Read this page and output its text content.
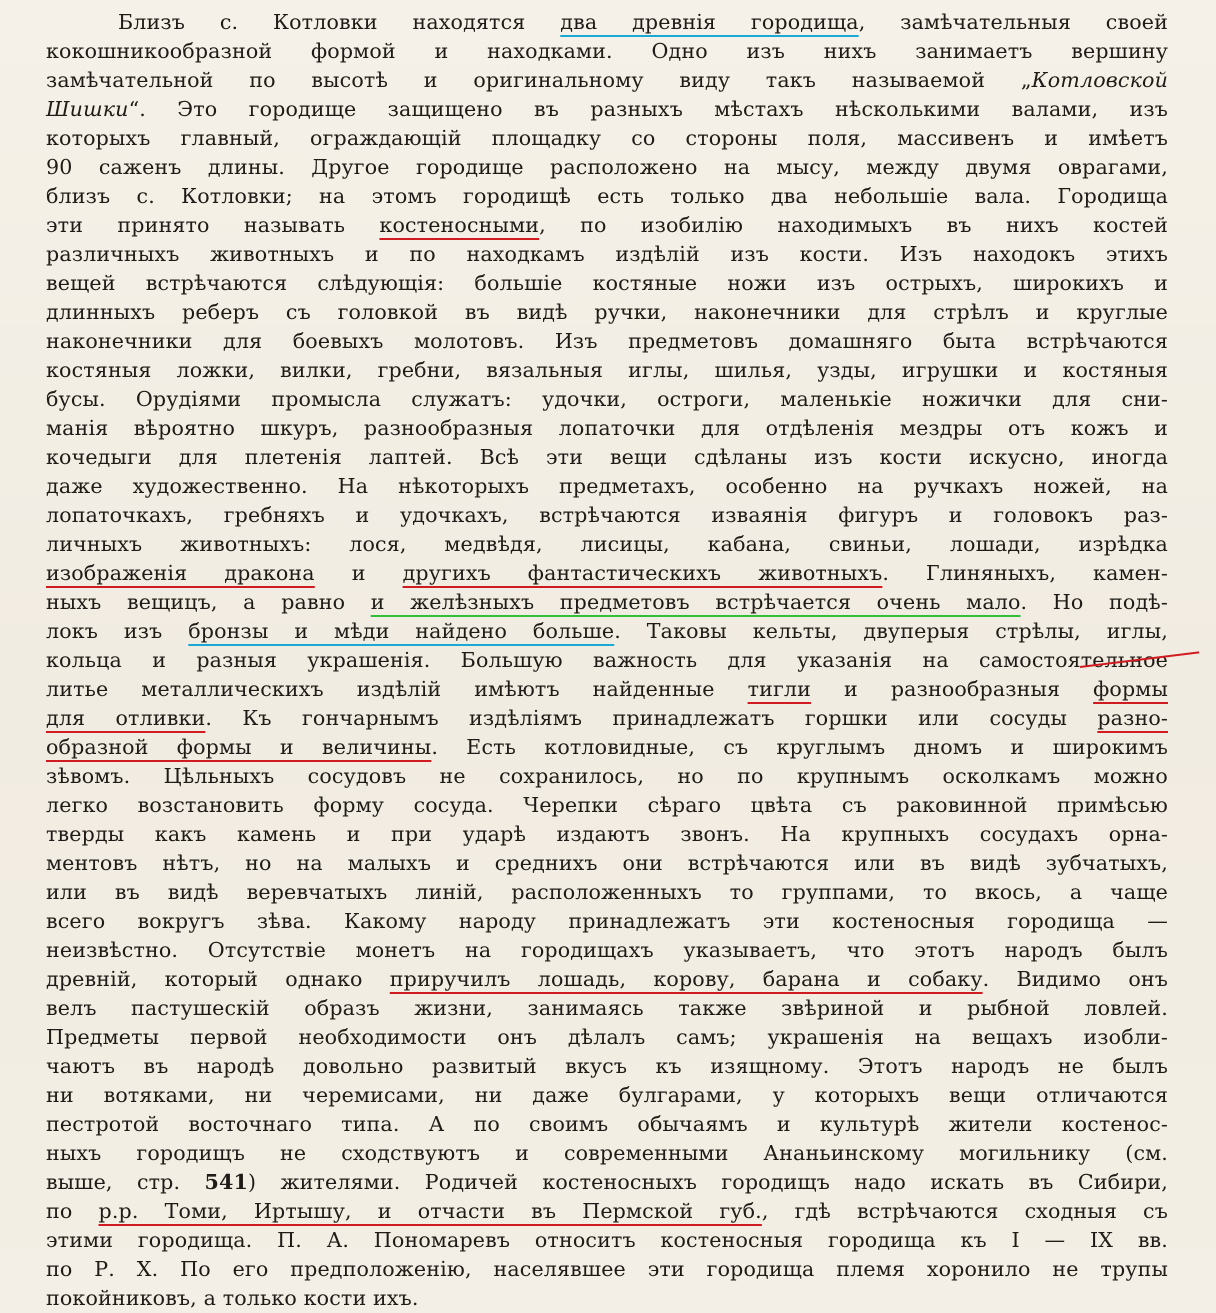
Близъ с. Котловки находятся два древнія городища, замѣчательныя своей
кокошникообразной формой и находками. Одно изъ нихъ занимаетъ вершину
замѣчательной по высотѣ и оригинальному виду такъ называемой „Котловской
Шишки“. Это городище защищено въ разныхъ мѣстахъ нѣсколькими валами, изъ
которыхъ главный, ограждающій площадку со стороны поля, массивенъ и имѣетъ
90 саженъ длины. Другое городище расположено на мысу, между двумя оврагами,
близъ с. Котловки; на этомъ городищѣ есть только два небольшіе вала. Городища
эти принято называть костеносными, по изобилію находимыхъ въ нихъ костей
различныхъ животныхъ и по находкамъ издѣлій изъ кости. Изъ находокъ этихъ
вещей встрѣчаются слѣдующія: большіе костяные ножи изъ острыхъ, широкихъ и
длинныхъ реберъ съ головкой въ видѣ ручки, наконечники для стрѣлъ и круглые
наконечники для боевыхъ молотовъ. Изъ предметовъ домашняго быта встрѣчаются
костяныя ложки, вилки, гребни, вязальныя иглы, шилья, узды, игрушки и костяныя
бусы. Орудіями промысла служатъ: удочки, остроги, маленькіе ножички для сни-
манія вѣроятно шкуръ, разнообразныя лопаточки для отдѣленія мездры отъ кожъ и
кочедыги для плетенія лаптей. Всѣ эти вещи сдѣланы изъ кости искусно, иногда
даже художественно. На нѣкоторыхъ предметахъ, особенно на ручкахъ ножей, на
лопаточкахъ, гребняхъ и удочкахъ, встрѣчаются изваянія фигуръ и головокъ раз-
личныхъ животныхъ: лося, медвѣдя, лисицы, кабана, свиньи, лошади, изрѣдка
изображенія дракона и другихъ фантастическихъ животныхъ. Глиняныхъ, камен-
ныхъ вещицъ, а равно и желѣзныхъ предметовъ встрѣчается очень мало. Но подѣ-
локъ изъ бронзы и мѣди найдено больше. Таковы кельты, двуперыя стрѣлы, иглы,
кольца и разныя украшенія. Большую важность для указанія на самостоятельное
литье металлическихъ издѣлій имѣютъ найденные тигли и разнообразныя формы
для отливки. Къ гончарнымъ издѣліямъ принадлежатъ горшки или сосуды разно-
образной формы и величины. Есть котловидные, съ круглымъ дномъ и широкимъ
зѣвомъ. Цѣльныхъ сосудовъ не сохранилось, но по крупнымъ осколкамъ можно
легко возстановить форму сосуда. Черепки сѣраго цвѣта съ раковинной примѣсью
тверды какъ камень и при ударѣ издаютъ звонъ. На крупныхъ сосудахъ орна-
ментовъ нѣтъ, но на малыхъ и среднихъ они встрѣчаются или въ видѣ зубчатыхъ,
или въ видѣ веревчатыхъ линій, расположенныхъ то группами, то вкось, а чаще
всего вокругъ зѣва. Какому народу принадлежатъ эти костеносныя городища —
неизвѣстно. Отсутствіе монетъ на городищахъ указываетъ, что этотъ народъ былъ
древній, который однако приручилъ лошадь, корову, барана и собаку. Видимо онъ
велъ пастушескій образъ жизни, занимаясь также звѣриной и рыбной ловлей.
Предметы первой необходимости онъ дѣлалъ самъ; украшенія на вещахъ изобли-
чаютъ въ народѣ довольно развитый вкусъ къ изящному. Этотъ народъ не былъ
ни вотяками, ни черемисами, ни даже булгарами, у которыхъ вещи отличаются
пестротой восточнаго типа. А по своимъ обычаямъ и культурѣ жители костенос-
ныхъ городищъ не сходствуютъ и современными Ананьинскому могильнику (см.
выше, стр. 541) жителями. Родичей костеносныхъ городищъ надо искать въ Сибири,
по р.р. Томи, Иртышу, и отчасти въ Пермской губ., гдѣ встрѣчаются сходныя съ
этими городища. П. А. Пономаревъ относитъ костеносныя городища къ I — IX вв.
по Р. Х. По его предположенію, населявшее эти городища племя хоронило не трупы
покойниковъ, а только кости ихъ.
